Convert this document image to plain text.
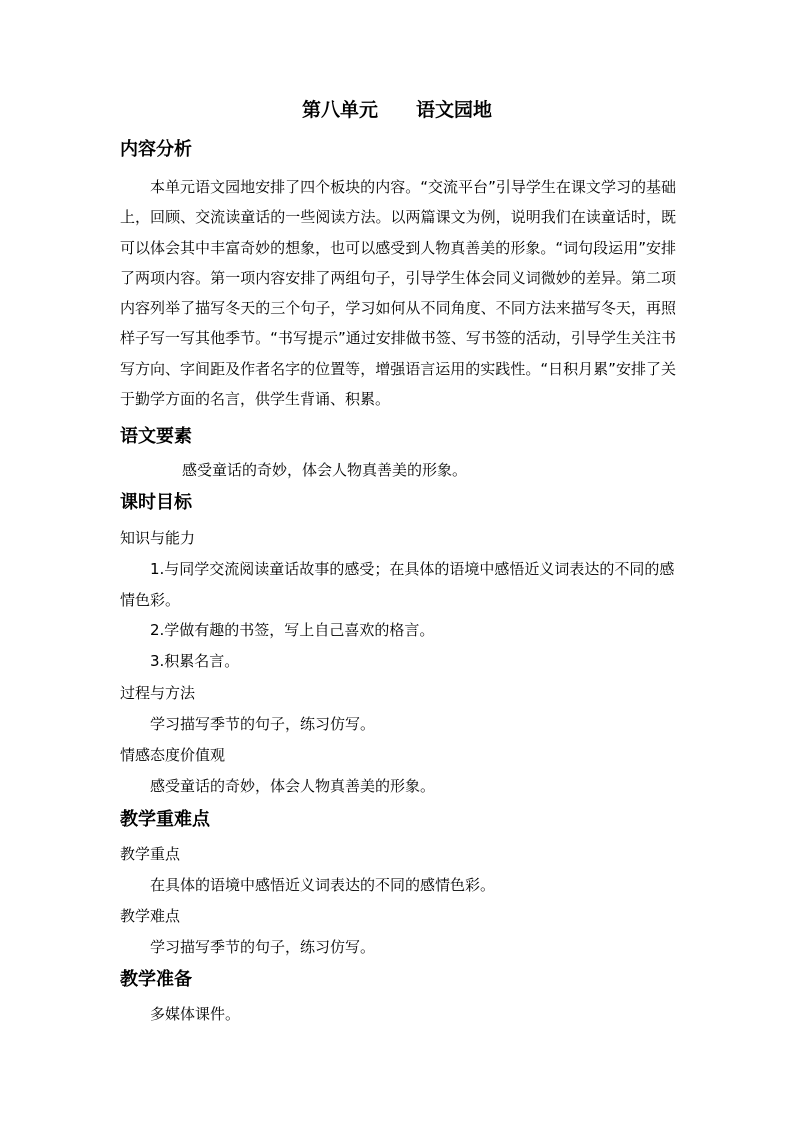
第八单元　　语文园地
内容分析

本单元语文园地安排了四个板块的内容。“交流平台”引导学生在课文学习的基础上，回顾、交流读童话的一些阅读方法。以两篇课文为例，说明我们在读童话时，既可以体会其中丰富奇妙的想象，也可以感受到人物真善美的形象。“词句段运用”安排了两项内容。第一项内容安排了两组句子，引导学生体会同义词微妙的差异。第二项内容列举了描写冬天的三个句子，学习如何从不同角度、不同方法来描写冬天，再照样子写一写其他季节。“书写提示”通过安排做书签、写书签的活动，引导学生关注书写方向、字间距及作者名字的位置等，增强语言运用的实践性。“日积月累”安排了关于勤学方面的名言，供学生背诵、积累。

语文要素
感受童话的奇妙，体会人物真善美的形象。
课时目标
知识与能力

1.与同学交流阅读童话故事的感受；在具体的语境中感悟近义词表达的不同的感情色彩。

2.学做有趣的书签，写上自己喜欢的格言。
3.积累名言。
过程与方法
学习描写季节的句子，练习仿写。
情感态度价值观
感受童话的奇妙，体会人物真善美的形象。
教学重难点
教学重点
在具体的语境中感悟近义词表达的不同的感情色彩。
教学难点
学习描写季节的句子，练习仿写。
教学准备
多媒体课件。
